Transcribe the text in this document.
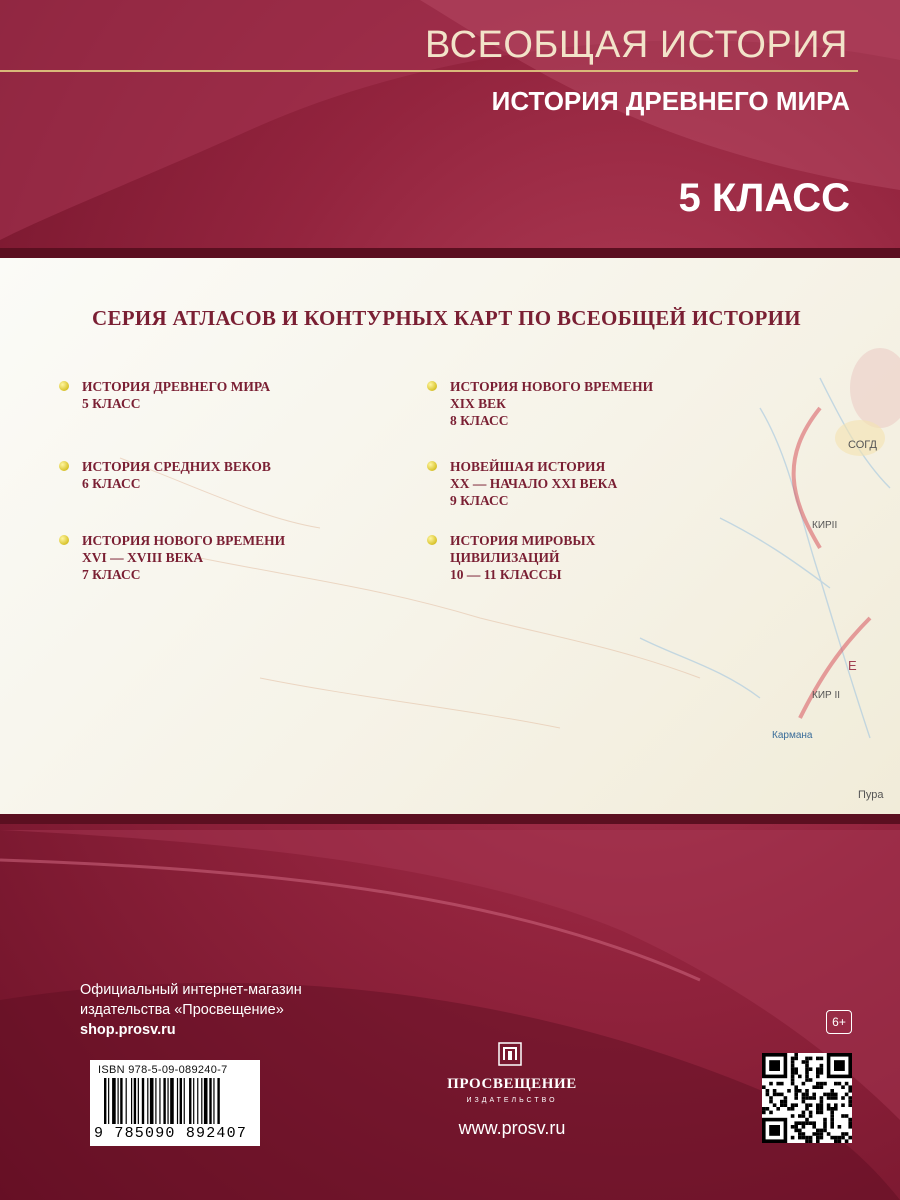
ВСЕОБЩАЯ ИСТОРИЯ
ИСТОРИЯ ДРЕВНЕГО МИРА
5 КЛАСС
КИРII
СОГД
КИР II
Кармана
Пура
Е
СЕРИЯ АТЛАСОВ И КОНТУРНЫХ КАРТ ПО ВСЕОБЩЕЙ ИСТОРИИ
ИСТОРИЯ ДРЕВНЕГО МИРА
5 КЛАСС
ИСТОРИЯ СРЕДНИХ ВЕКОВ
6 КЛАСС
ИСТОРИЯ НОВОГО ВРЕМЕНИ
XVI — XVIII ВЕКА
7 КЛАСС
ИСТОРИЯ НОВОГО ВРЕМЕНИ
XIX ВЕК
8 КЛАСС
НОВЕЙШАЯ ИСТОРИЯ
XX — НАЧАЛО XXI ВЕКА
9 КЛАСС
ИСТОРИЯ МИРОВЫХ
ЦИВИЛИЗАЦИЙ
10 — 11 КЛАССЫ
Официальный интернет-магазин
издательства «Просвещение»
shop.prosv.ru
ISBN 978-5-09-089240-7
9 785090 892407
ПРОСВЕЩЕНИЕ
ИЗДАТЕЛЬСТВО
www.prosv.ru
6+
